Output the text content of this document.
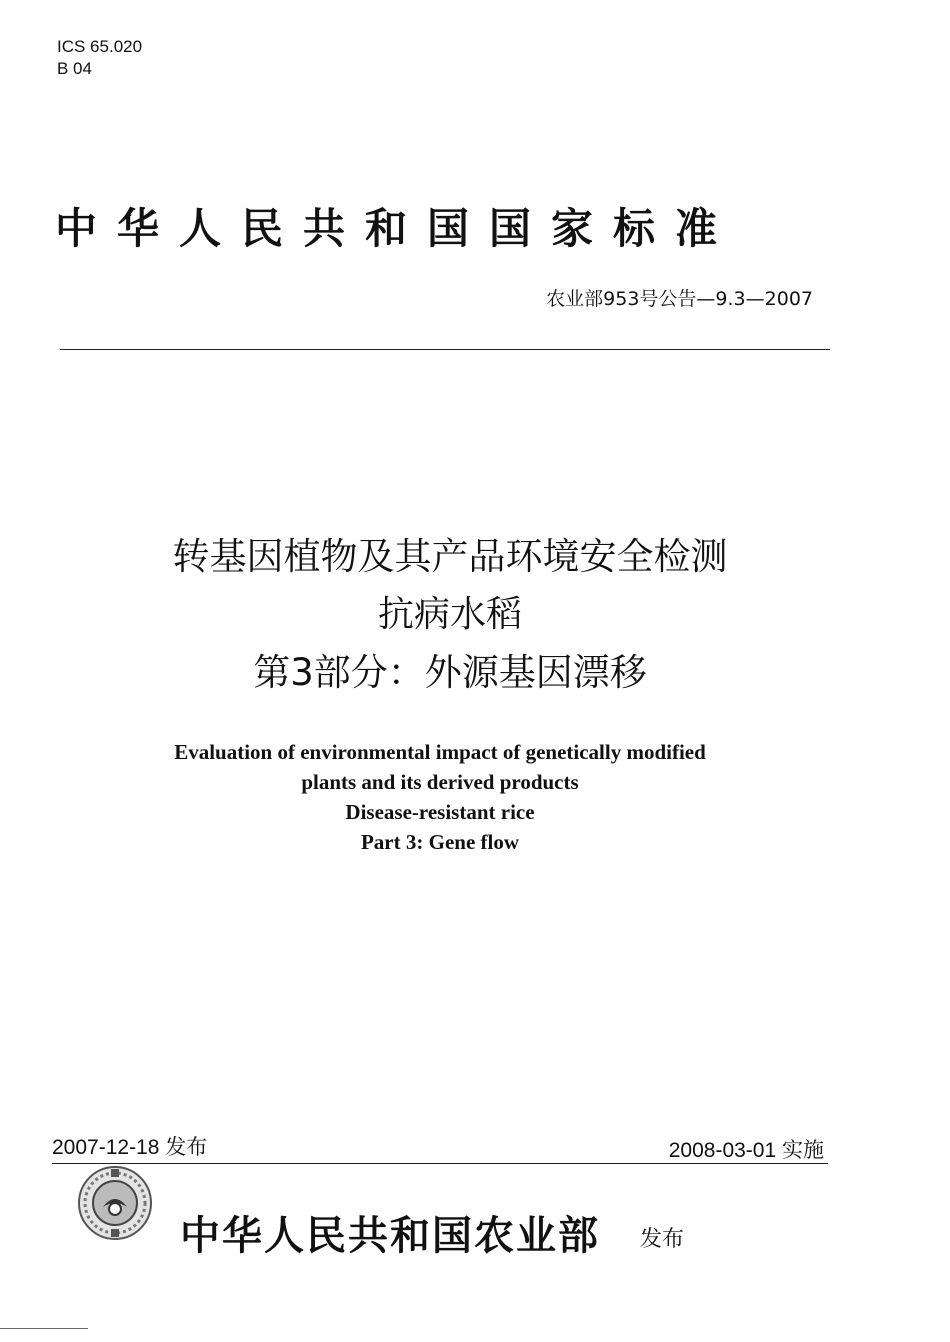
ICS 65.020
B 04
中华人民共和国国家标准
农业部953号公告—9.3—2007
转基因植物及其产品环境安全检测
抗病水稻
第3部分：外源基因漂移
Evaluation of environmental impact of genetically modified
plants and its derived products
Disease-resistant rice
Part 3: Gene flow
2007-12-18 发布	2008-03-01 实施
中华人民共和国农业部 发布
